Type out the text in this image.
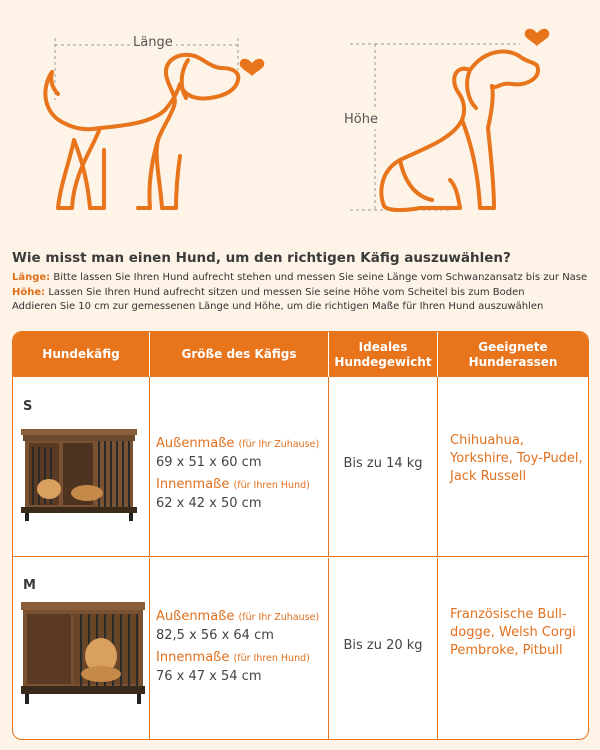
Länge
Höhe
Wie misst man einen Hund, um den richtigen Käfig auszuwählen?
Länge: Bitte lassen Sie Ihren Hund aufrecht stehen und messen Sie seine Länge vom Schwanzansatz bis zur Nase
Höhe: Lassen Sie Ihren Hund aufrecht sitzen und messen Sie seine Höhe vom Scheitel bis zum Boden
Addieren Sie 10 cm zur gemessenen Länge und Höhe, um die richtigen Maße für Ihren Hund auszuwählen
Hundekäfig	Größe des Käfigs
Ideales Hundegewicht
Geeignete Hunderassen
S
Außenmaße (für Ihr Zuhause)
69 x 51 x 60 cm
Innenmaße (für Ihren Hund)
62 x 42 x 50 cm
Bis zu 14 kg
Chihuahua, Yorkshire, Toy-Pudel, Jack Russell
M
Außenmaße (für Ihr Zuhause)
82,5 x 56 x 64 cm
Innenmaße (für Ihren Hund)
76 x 47 x 54 cm
Bis zu 20 kg
Französische Bull-dogge, Welsh Corgi Pembroke, Pitbull
